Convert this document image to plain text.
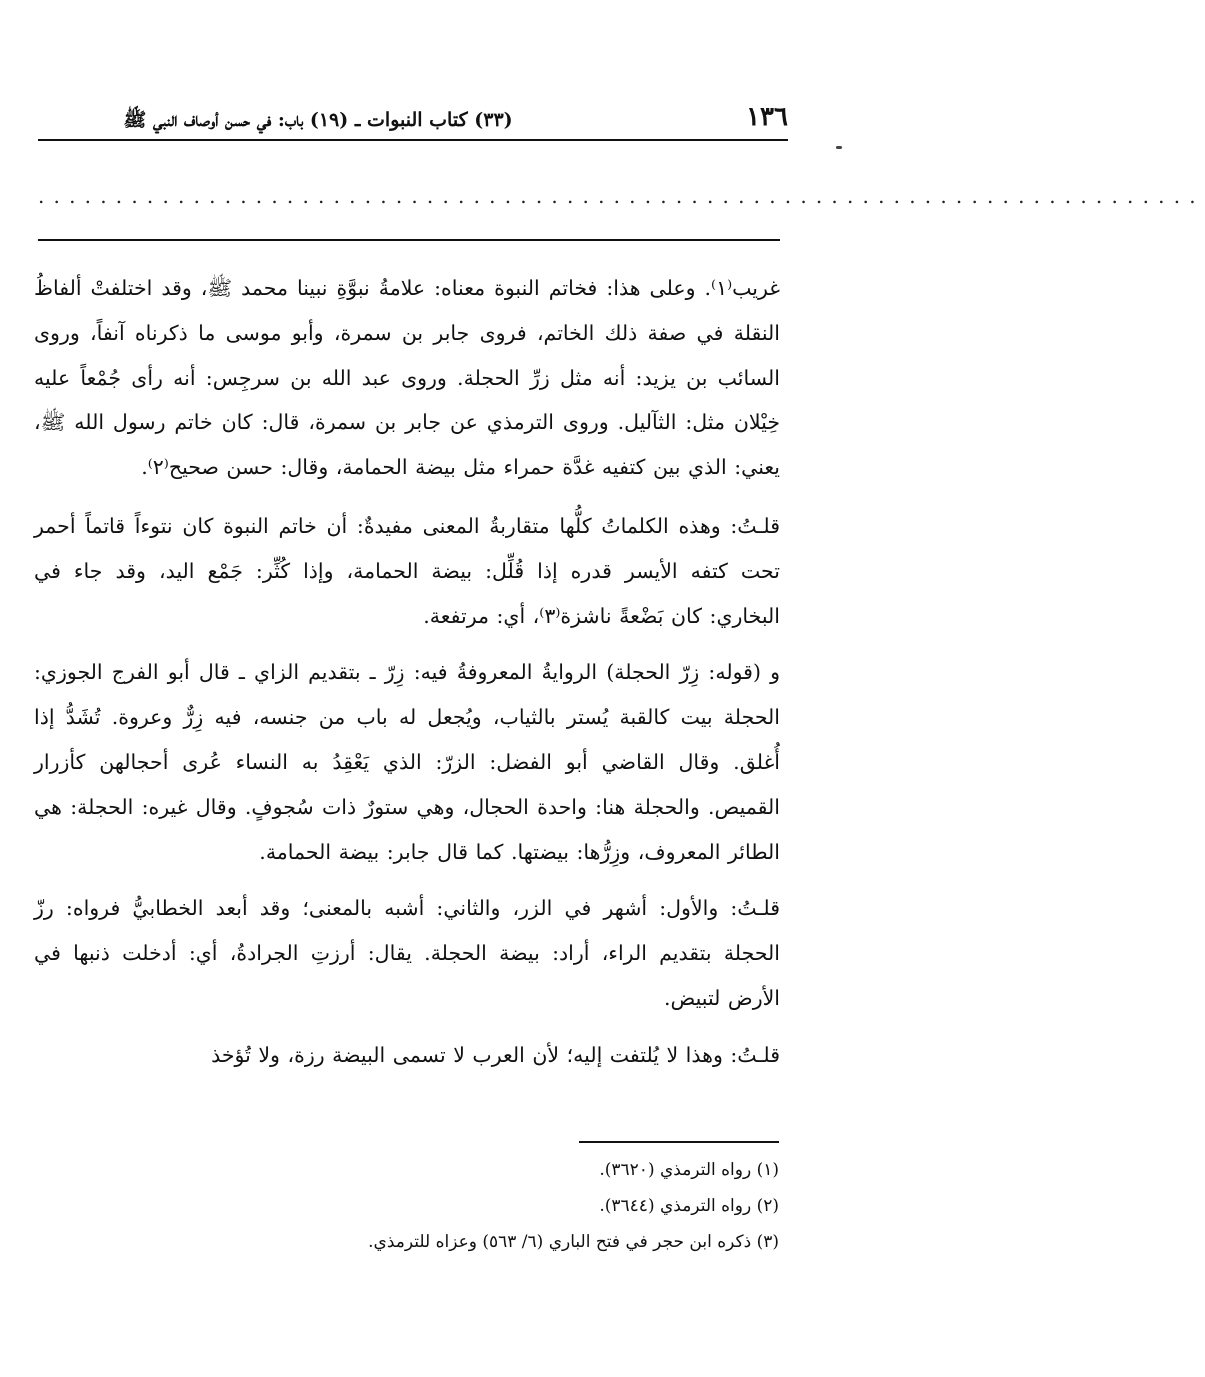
١٣٦
(٣٣) كتاب النبوات ـ (١٩) باب: في حسن أوصاف النبي ﷺ
...........................................................................

غريب⁽١⁾. وعلى هذا: فخاتم النبوة معناه: علامةُ نبوَّةِ نبينا محمد ﷺ، وقد اختلفتْ ألفاظُ النقلة في صفة ذلك الخاتم، فروى جابر بن سمرة، وأبو موسى ما ذكرناه آنفاً، وروى السائب بن يزيد: أنه مثل زرِّ الحجلة. وروى عبد الله بن سرجِس: أنه رأى جُمْعاً عليه خِيْلان مثل: الثآليل. وروى الترمذي عن جابر بن سمرة، قال: كان خاتم رسول الله ﷺ، يعني: الذي بين كتفيه غدَّة حمراء مثل بيضة الحمامة، وقال: حسن صحيح⁽٢⁾.

قلـتُ: وهذه الكلماتُ كلُّها متقاربةُ المعنى مفيدةٌ: أن خاتم النبوة كان نتوءاً قاتماً أحمر تحت كتفه الأيسر قدره إذا قُلِّل: بيضة الحمامة، وإذا كُثِّر: جَمْع اليد، وقد جاء في البخاري: كان بَضْعةً ناشزة⁽٣⁾، أي: مرتفعة.

و (قوله: زِرّ الحجلة) الروايةُ المعروفةُ فيه: زِرّ ـ بتقديم الزاي ـ قال أبو الفرج الجوزي: الحجلة بيت كالقبة يُستر بالثياب، ويُجعل له باب من جنسه، فيه زِرٌّ وعروة. تُشَدُّ إذا أُغلق. وقال القاضي أبو الفضل: الزرّ: الذي يَعْقِدُ به النساء عُرى أحجالهن كأزرار القميص. والحجلة هنا: واحدة الحجال، وهي ستورٌ ذات سُجوفٍ. وقال غيره: الحجلة: هي الطائر المعروف، وزِرُّها: بيضتها. كما قال جابر: بيضة الحمامة.

قلـتُ: والأول: أشهر في الزر، والثاني: أشبه بالمعنى؛ وقد أبعد الخطابيُّ فرواه: رزّ الحجلة بتقديم الراء، أراد: بيضة الحجلة. يقال: أرزتِ الجرادةُ، أي: أدخلت ذنبها في الأرض لتبيض.

قلـتُ: وهذا لا يُلتفت إليه؛ لأن العرب لا تسمى البيضة رزة، ولا تُؤخذ

(١) رواه الترمذي (٣٦٢٠).

(٢) رواه الترمذي (٣٦٤٤).

(٣) ذكره ابن حجر في فتح الباري (٦/ ٥٦٣) وعزاه للترمذي.
